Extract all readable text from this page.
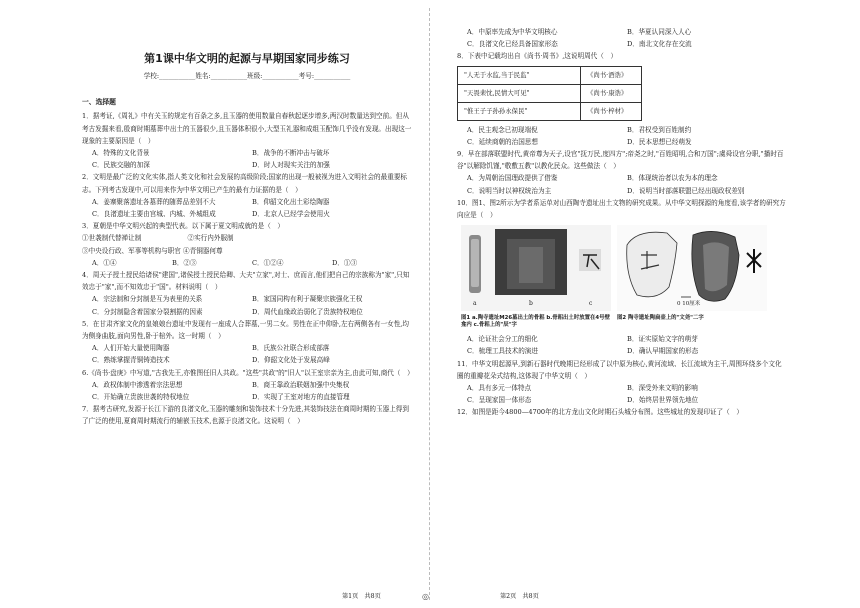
第1课中华文明的起源与早期国家同步练习
学校:___________姓名:___________班级:___________考号:___________
一、选择题
1．据考证,《周礼》中有关玉的规定有百条之多,且玉器的使用数量自春秋起逐步增多,两汉时数量达到空前。但从考古发掘来看,殷商时期墓葬中出土的玉器很少,且玉器体积很小,大型玉礼器和成组玉配饰几乎没有发现。出现这一现象的主要原因是（　）
A．特殊的文化背景	B．战争的不断冲击与破坏
C．民族交融的加深	D．时人对现实关注的加强
2．文明是最广泛的文化实体,指人类文化和社会发展的高级阶段;国家的出现一般被视为进入文明社会的最重要标志。下列考古发现中,可以用来作为中华文明已产生的最有力证据的是（　）
A．姜寨聚落遗址各墓葬的随葬品差别不大	B．仰韶文化出土彩绘陶器
C．良渚遗址主要由宫城、内城、外城组成	D．北京人已经学会使用火
3．夏朝是中华文明兴起的典型代表。以下属于夏文明成就的是（　）
①世袭制代替禅让制　　　　　　　②实行内外服制
③中央设行政、军事等机构与职官 ④青铜器何尊
A．①④	B．②③	C．①②④	D．①③
4．周天子授土授民给诸侯"建国",诸侯授土授民给卿、大夫"立家",对士、庶而言,他们把自己的宗族称为"家",只知效忠于"家",而不知效忠于"国"。材料说明（　）
A．宗法制和分封制是互为表里的关系	B．家国同构有利于凝聚宗族强化王权
C．分封制隐含着国家分裂割据的因素	D．周代血缘政治弱化了贵族特权地位
5．在甘肃齐家文化的皇娘娘台遗址中发现有一座成人合葬墓,一男二女。男性在正中仰卧,左右两侧各有一女性,均为侧身曲肢,面向男性,卧于棺外。这一时期（　）
A．人们开始大量使用陶器	B．氏族公社联合形成部落
C．熟练掌握青铜铸造技术	D．仰韶文化处于发展高峰
6.《尚书·盘庚》中写道,"古我先王,亦惟图任旧人共政。"这些"共政"的"旧人"以王室宗亲为主,由此可知,商代（　）
A．政权体制中渗透着宗法思想	B．商王靠政治联姻加强中央集权
C．开始确立贵族世袭的特权地位	D．实现了王室对地方的直接管理
7．据考古研究,发源于长江下游的良渚文化,玉器的雕刻和装饰技术十分先进,其装饰技法在商周时期的玉器上得到了广泛的使用,夏商周时期流行的辅嵌玉技术,也源于良渚文化。这说明（　）
第1页　共8页	◎
A．中原率先成为中华文明核心	B．华夏认同深入人心
C．良渚文化已经具备国家形态	D．南北文化存在交流
8．下表中记载均出自《尚书·周书》,这说明周代（　）
"人无于水监,当于民监"	《尚书·酒诰》
"天畏棐忱,民情大可见"	《尚书·康诰》
"惟王子子孙孙永保民"	《尚书·梓材》
A．民主观念已初现端倪	B．君权受到百姓制约
C．延续商朝的治国思想	D．民本思想已经萌发
9．早在部落联盟时代,黄帝尊为天子,设官"抚万民,度四方";帝尧之时,"百姓昭明,合和万国";虞舜设官分职,"播时百谷"以解除饥馑,"敬敷五教"以教化民众。这些做法（　）
A．为周朝治国理政提供了借鉴	B．体现统治者以农为本的理念
C．说明当时以神权统治为主	D．说明当时部落联盟已经出现政权差别
10．图1、图2所示为学者系运单对山西陶寺遗址出土文物的研究成果。从中华文明探源的角度看,该学者的研究方向应是（　）
a	b	c
图1 a.陶寺遗址M26墓出土的骨耜 b.骨耜出土时放置在4号壁龛内 c.骨耜上的"辰"字
0 10厘米
图2 陶寺遗址陶扁壶上的"文尧"二字
A．论证社会分工的细化	B．证实原始文字的萌芽
C．梳理工具技术的演进	D．确认早期国家的形态
11．中华文明起源早,到新石器时代晚期已经形成了以中原为核心,黄河流域、长江流域为主干,周围环绕多个文化圈的重瓣花朵式结构,这体现了中华文明（　）
A．具有多元一体特点	B．深受外来文明的影响
C．呈现家国一体形态	D．始终居世界领先地位
12．如图是距今4800—4700年的北方龙山文化时期石头城分布图。这些城址的发现印证了（　）
第2页　共8页
